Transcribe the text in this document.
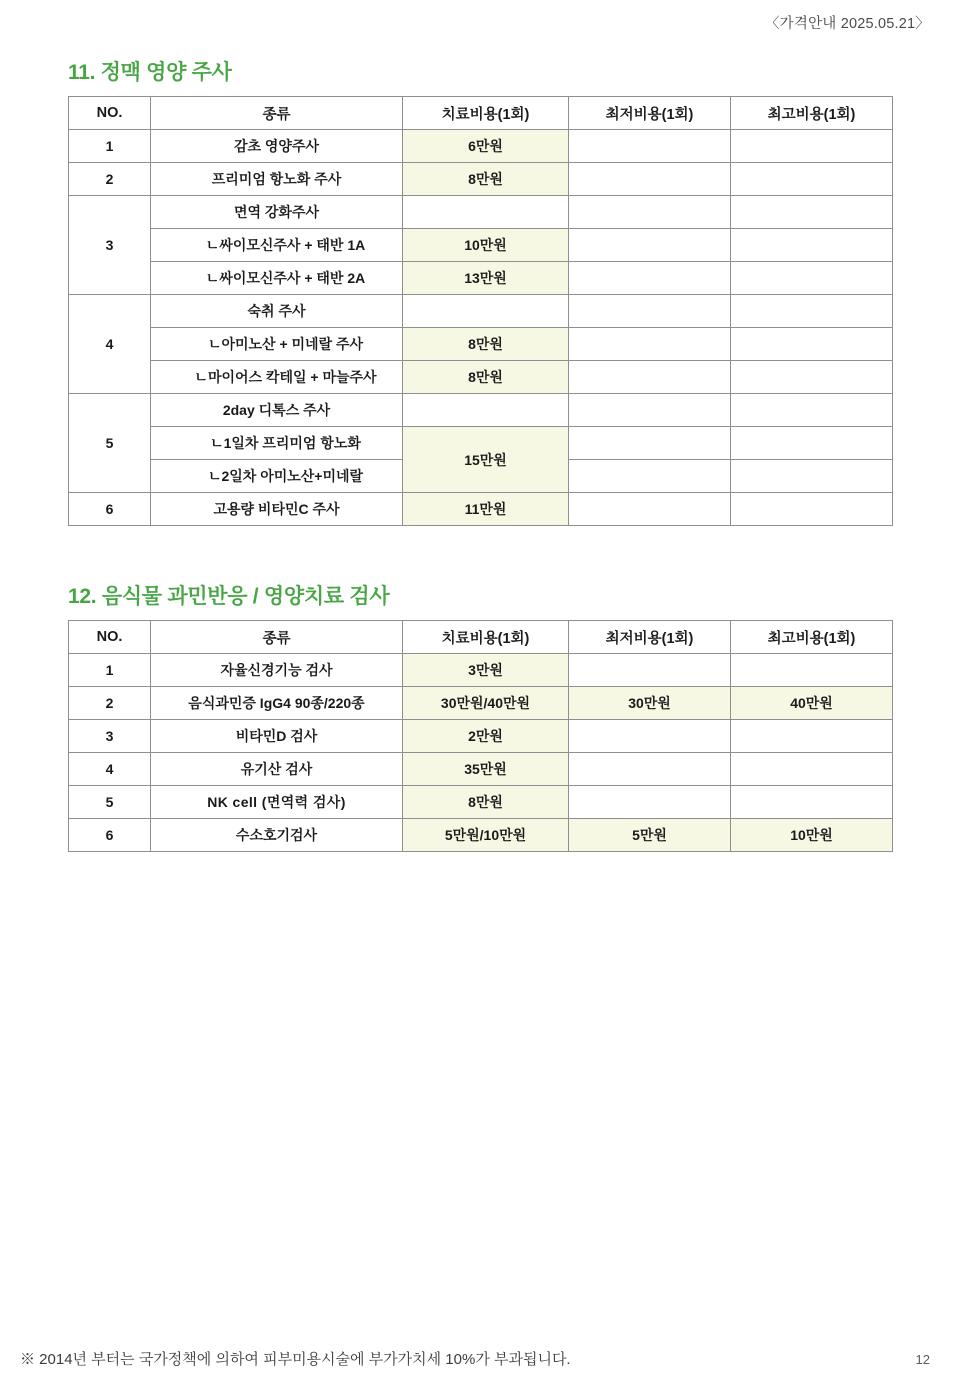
〈가격안내 2025.05.21〉
11. 정맥 영양 주사
NO.	종류	치료비용(1회)	최저비용(1회)	최고비용(1회)
1	감초 영양주사	6만원		
2	프리미엄 항노화 주사	8만원		
3	면역 강화주사			
	ㄴ싸이모신주사 + 태반 1A	10만원		
	ㄴ싸이모신주사 + 태반 2A	13만원		
4	숙취 주사			
	ㄴ아미노산 + 미네랄 주사	8만원		
	ㄴ마이어스 칵테일 + 마늘주사	8만원		
5	2day 디톡스 주사			
	ㄴ1일차 프리미엄 항노화	15만원		
	ㄴ2일차 아미노산+미네랄			
6	고용량 비타민C 주사	11만원		
12. 음식물 과민반응 / 영양치료 검사
NO.	종류	치료비용(1회)	최저비용(1회)	최고비용(1회)
1	자율신경기능 검사	3만원		
2	음식과민증 IgG4 90종/220종	30만원/40만원	30만원	40만원
3	비타민D 검사	2만원		
4	유기산 검사	35만원		
5	NK cell (면역력 검사)	8만원		
6	수소호기검사	5만원/10만원	5만원	10만원
※ 2014년 부터는 국가정책에 의하여 피부미용시술에 부가가치세 10%가 부과됩니다.	12
